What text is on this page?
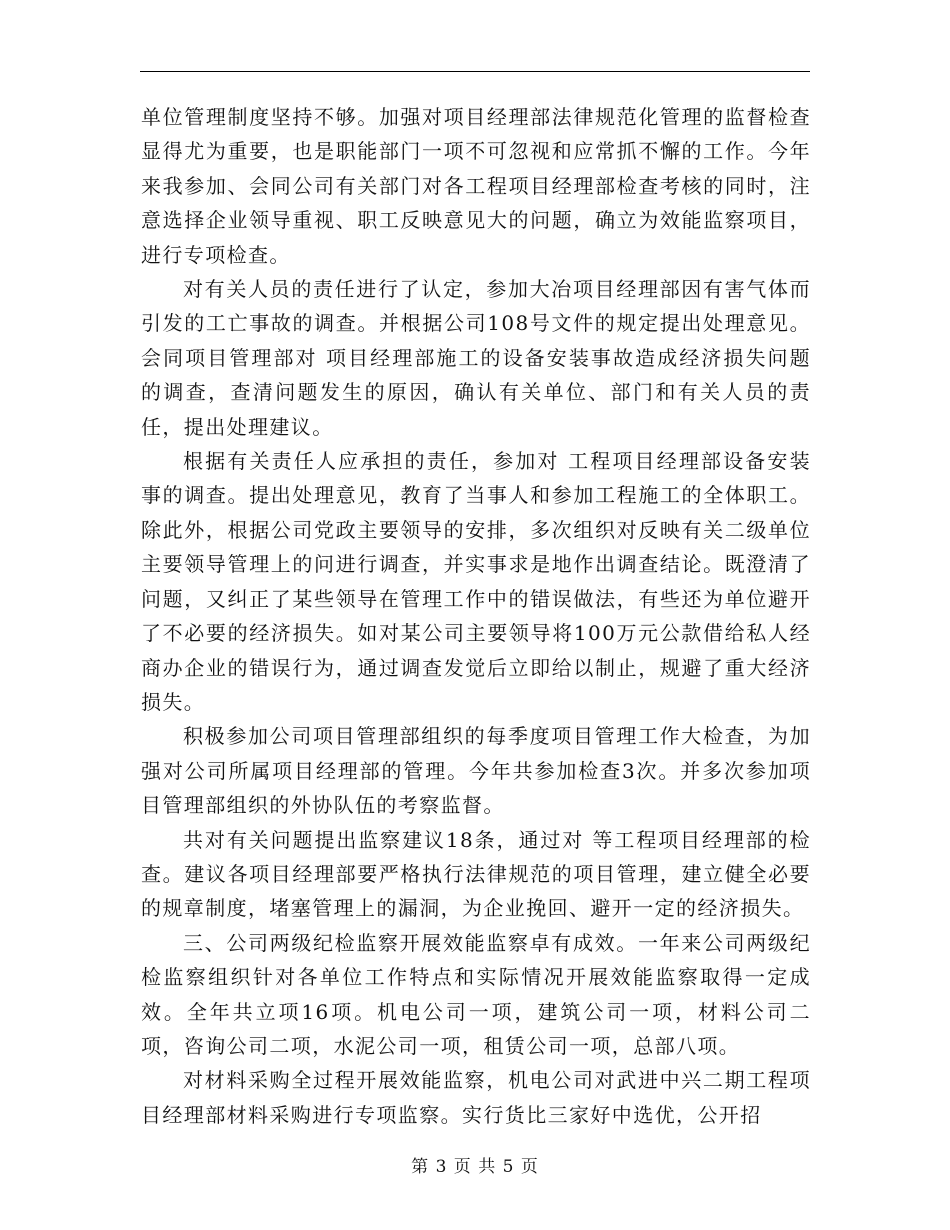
单位管理制度坚持不够。加强对项目经理部法律规范化管理的监督检查显得尤为重要，也是职能部门一项不可忽视和应常抓不懈的工作。今年来我参加、会同公司有关部门对各工程项目经理部检查考核的同时，注意选择企业领导重视、职工反映意见大的问题，确立为效能监察项目，进行专项检查。

对有关人员的责任进行了认定，参加大冶项目经理部因有害气体而引发的工亡事故的调查。并根据公司108号文件的规定提出处理意见。会同项目管理部对 项目经理部施工的设备安装事故造成经济损失问题的调查，查清问题发生的原因，确认有关单位、部门和有关人员的责任，提出处理建议。

根据有关责任人应承担的责任，参加对 工程项目经理部设备安装事的调查。提出处理意见，教育了当事人和参加工程施工的全体职工。除此外，根据公司党政主要领导的安排，多次组织对反映有关二级单位主要领导管理上的问进行调查，并实事求是地作出调查结论。既澄清了问题，又纠正了某些领导在管理工作中的错误做法，有些还为单位避开了不必要的经济损失。如对某公司主要领导将100万元公款借给私人经商办企业的错误行为，通过调查发觉后立即给以制止，规避了重大经济损失。

积极参加公司项目管理部组织的每季度项目管理工作大检查，为加强对公司所属项目经理部的管理。今年共参加检查3次。并多次参加项目管理部组织的外协队伍的考察监督。

共对有关问题提出监察建议18条，通过对 等工程项目经理部的检查。建议各项目经理部要严格执行法律规范的项目管理，建立健全必要的规章制度，堵塞管理上的漏洞，为企业挽回、避开一定的经济损失。

三、公司两级纪检监察开展效能监察卓有成效。一年来公司两级纪检监察组织针对各单位工作特点和实际情况开展效能监察取得一定成效。全年共立项16项。机电公司一项，建筑公司一项，材料公司二项，咨询公司二项，水泥公司一项，租赁公司一项，总部八项。

对材料采购全过程开展效能监察，机电公司对武进中兴二期工程项目经理部材料采购进行专项监察。实行货比三家好中选优，公开招

第 3 页 共 5 页
